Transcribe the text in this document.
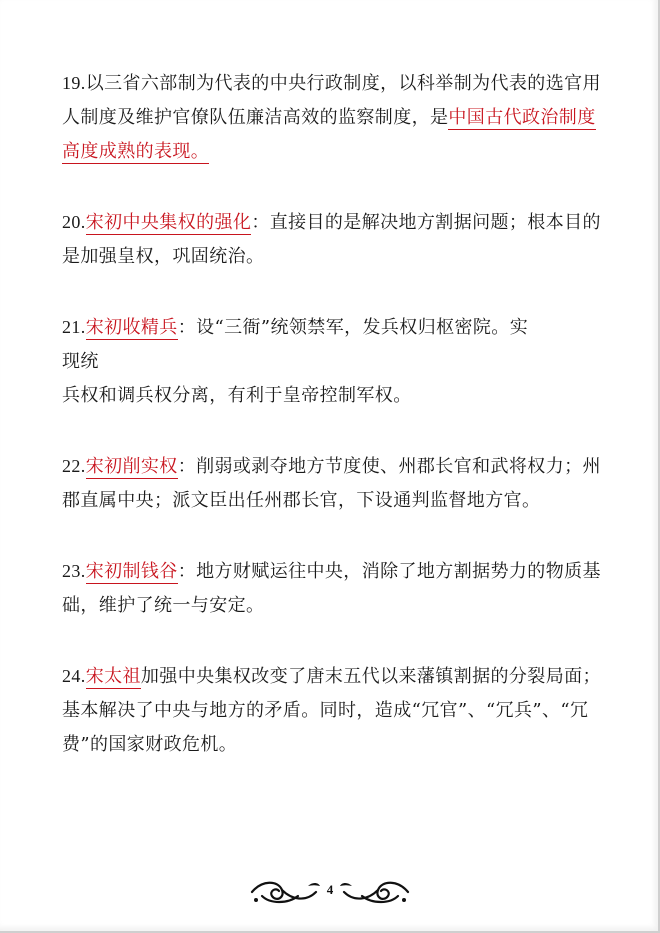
19.以三省六部制为代表的中央行政制度，以科举制为代表的选官用人制度及维护官僚队伍廉洁高效的监察制度，是中国古代政治制度高度成熟的表现。

20.宋初中央集权的强化：直接目的是解决地方割据问题；根本目的是加强皇权，巩固统治。

21.宋初收精兵：设“三衙”统领禁军，发兵权归枢密院。实
现统
兵权和调兵权分离，有利于皇帝控制军权。

22.宋初削实权：削弱或剥夺地方节度使、州郡长官和武将权力；州郡直属中央；派文臣出任州郡长官，下设通判监督地方官。

23.宋初制钱谷：地方财赋运往中央，消除了地方割据势力的物质基础，维护了统一与安定。

24.宋太祖加强中央集权改变了唐末五代以来藩镇割据的分裂局面；基本解决了中央与地方的矛盾。同时，造成“冗官”、“冗兵”、“冗费”的国家财政危机。

4
